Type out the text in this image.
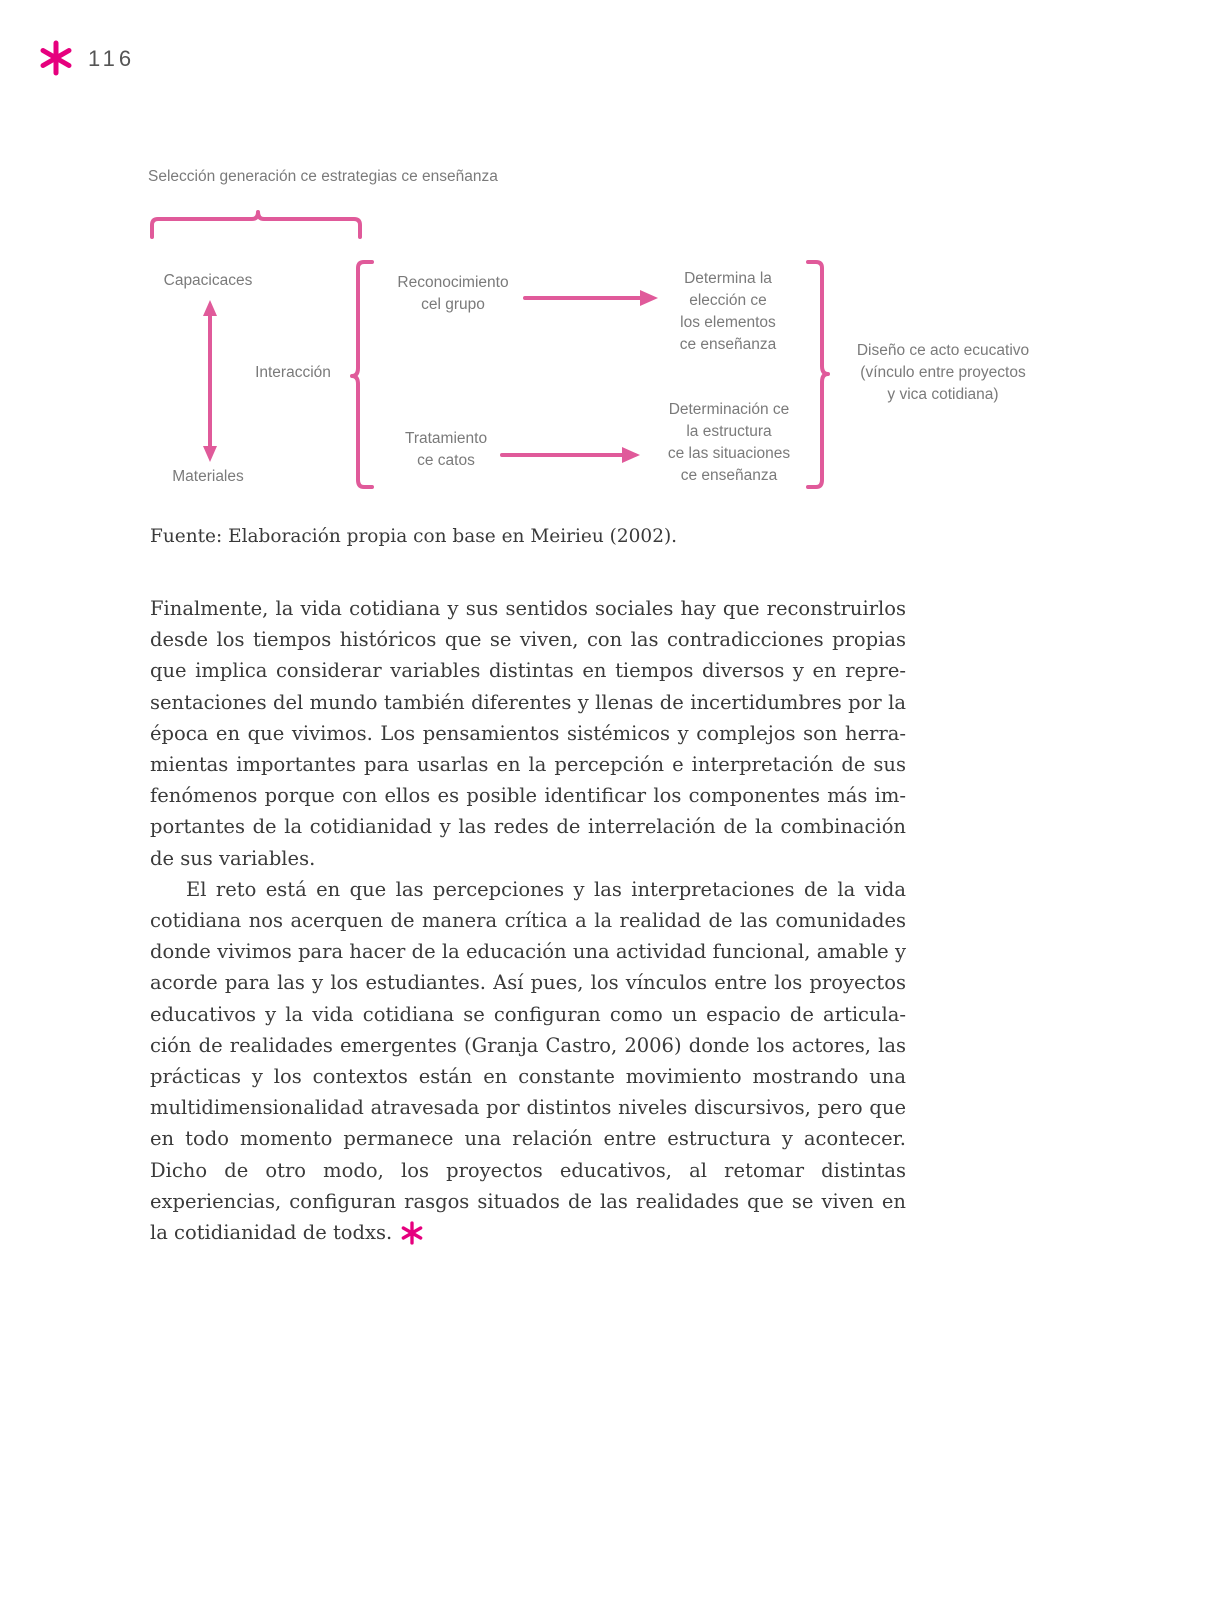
116
Selección generación ce estrategias ce enseñanza
Capacicaces
Materiales
Interacción
Reconocimiento
cel grupo
Tratamiento
ce catos
Determina la
elección ce
los elementos
ce enseñanza
Determinación ce
la estructura
ce las situaciones
ce enseñanza
Diseño ce acto ecucativo
(vínculo entre proyectos
y vica cotidiana)
Fuente: Elaboración propia con base en Meirieu (2002).

Finalmente, la vida cotidiana y sus sentidos sociales hay que reconstruirlos desde los tiempos históricos que se viven, con las contradicciones propias que implica considerar variables distintas en tiempos diversos y en representaciones del mundo también diferentes y llenas de incertidumbres por la época en que vivimos. Los pensamientos sistémicos y complejos son herramientas importantes para usarlas en la percepción e interpretación de sus fenómenos porque con ellos es posible identificar los componentes más importantes de la cotidianidad y las redes de interrelación de la combinación de sus variables.

El reto está en que las percepciones y las interpretaciones de la vida cotidiana nos acerquen de manera crítica a la realidad de las comunidades donde vivimos para hacer de la educación una actividad funcional, amable y acorde para las y los estudiantes. Así pues, los vínculos entre los proyectos educativos y la vida cotidiana se configuran como un espacio de articulación de realidades emergentes (Granja Castro, 2006) donde los actores, las prácticas y los contextos están en constante movimiento mostrando una multidimensionalidad atravesada por distintos niveles discursivos, pero que en todo momento permanece una relación entre estructura y acontecer. Dicho de otro modo, los proyectos educativos, al retomar distintas experiencias, configuran rasgos situados de las realidades que se viven en la cotidianidad de todxs.
